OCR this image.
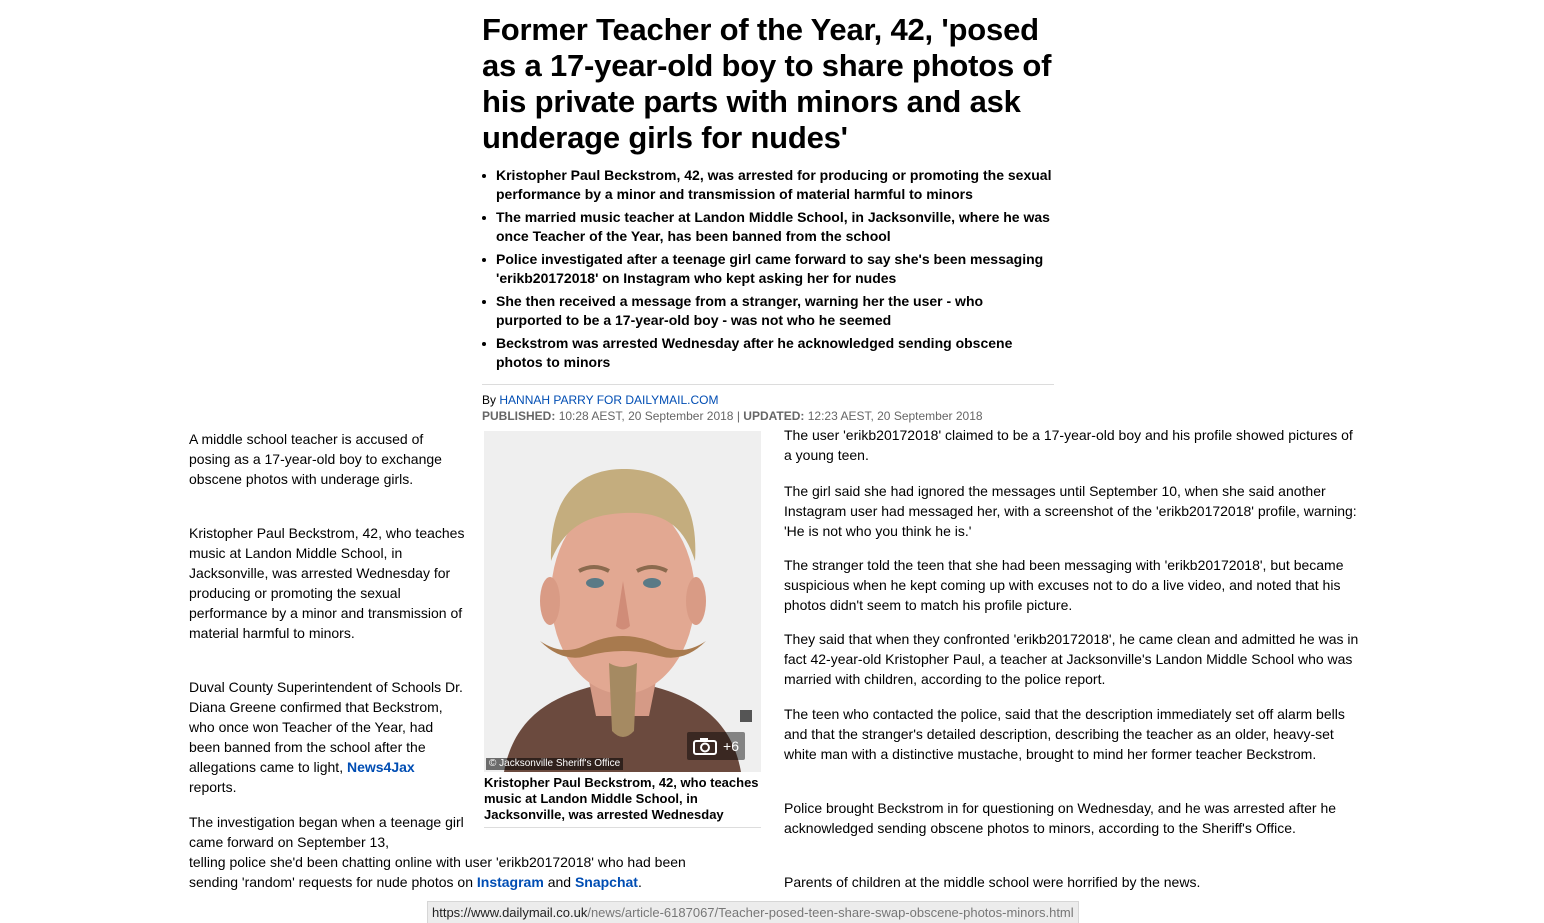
Former Teacher of the Year, 42, 'posed as a 17-year-old boy to share photos of his private parts with minors and ask underage girls for nudes'
Kristopher Paul Beckstrom, 42, was arrested for producing or promoting the sexual performance by a minor and transmission of material harmful to minors
The married music teacher at Landon Middle School, in Jacksonville, where he was once Teacher of the Year, has been banned from the school
Police investigated after a teenage girl came forward to say she's been messaging 'erikb20172018' on Instagram who kept asking her for nudes
She then received a message from a stranger, warning her the user - who purported to be a 17-year-old boy - was not who he seemed
Beckstrom was arrested Wednesday after he acknowledged sending obscene photos to minors
By HANNAH PARRY FOR DAILYMAIL.COM
PUBLISHED: 10:28 AEST, 20 September 2018 | UPDATED: 12:23 AEST, 20 September 2018

A middle school teacher is accused of posing as a 17-year-old boy to exchange obscene photos with underage girls.

Kristopher Paul Beckstrom, 42, who teaches music at Landon Middle School, in Jacksonville, was arrested Wednesday for producing or promoting the sexual performance by a minor and transmission of material harmful to minors.

Duval County Superintendent of Schools Dr. Diana Greene confirmed that Beckstrom, who once won Teacher of the Year, had been banned from the school after the allegations came to light, News4Jax reports.

The investigation began when a teenage girl came forward on September 13,

telling police she'd been chatting online with user 'erikb20172018' who had been sending 'random' requests for nude photos on Instagram and Snapchat.

© Jacksonville Sheriff's Office
+6

Kristopher Paul Beckstrom, 42, who teaches music at Landon Middle School, in Jacksonville, was arrested Wednesday

The user 'erikb20172018' claimed to be a 17-year-old boy and his profile showed pictures of a young teen.

The girl said she had ignored the messages until September 10, when she said another Instagram user had messaged her, with a screenshot of the 'erikb20172018' profile, warning: 'He is not who you think he is.'

The stranger told the teen that she had been messaging with 'erikb20172018', but became suspicious when he kept coming up with excuses not to do a live video, and noted that his photos didn't seem to match his profile picture.

They said that when they confronted 'erikb20172018', he came clean and admitted he was in fact 42-year-old Kristopher Paul, a teacher at Jacksonville's Landon Middle School who was married with children, according to the police report.

The teen who contacted the police, said that the description immediately set off alarm bells and that the stranger's detailed description, describing the teacher as an older, heavy-set white man with a distinctive mustache, brought to mind her former teacher Beckstrom.

Police brought Beckstrom in for questioning on Wednesday, and he was arrested after he acknowledged sending obscene photos to minors, according to the Sheriff's Office.

Parents of children at the middle school were horrified by the news.

https://www.dailymail.co.uk/news/article-6187067/Teacher-posed-teen-share-swap-obscene-photos-minors.html
